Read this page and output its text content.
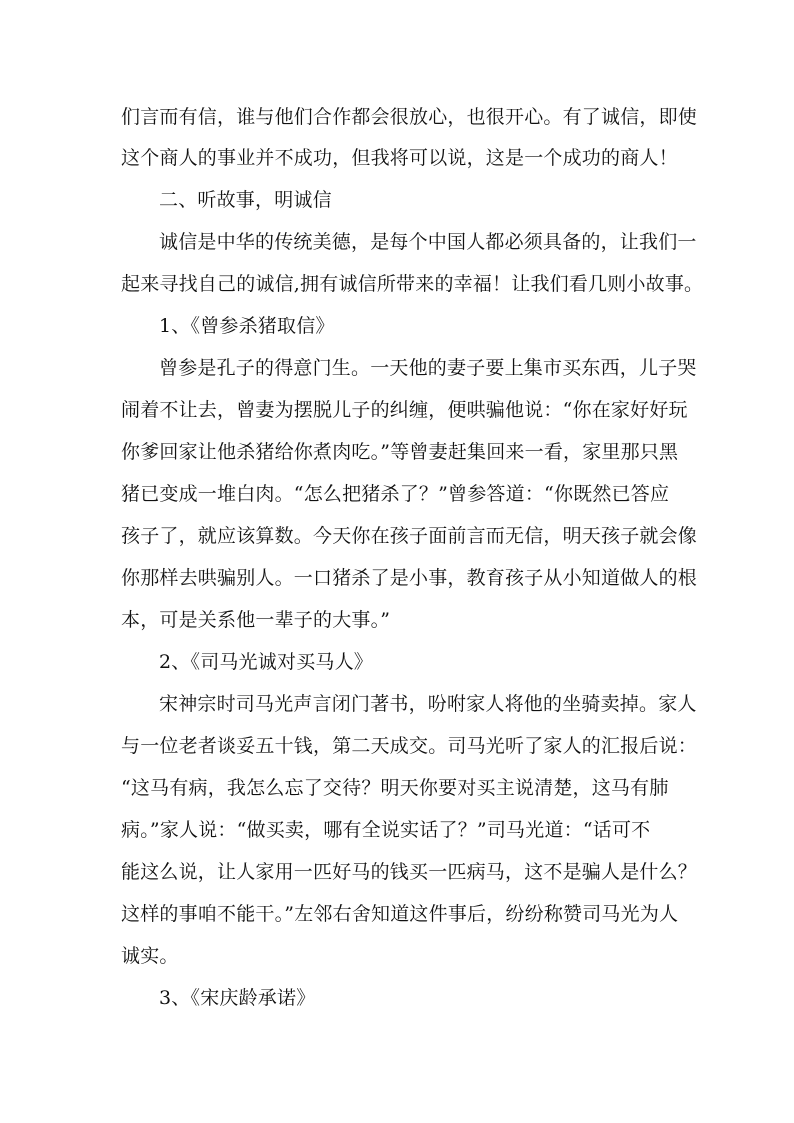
们言而有信，谁与他们合作都会很放心，也很开心。有了诚信，即使
这个商人的事业并不成功，但我将可以说，这是一个成功的商人！
二、听故事，明诚信
诚信是中华的传统美德，是每个中国人都必须具备的，让我们一
起来寻找自己的诚信,拥有诚信所带来的幸福！让我们看几则小故事。
1、《曾参杀猪取信》
曾参是孔子的得意门生。一天他的妻子要上集市买东西，儿子哭
闹着不让去，曾妻为摆脱儿子的纠缠，便哄骗他说：“你在家好好玩
你爹回家让他杀猪给你煮肉吃。”等曾妻赶集回来一看，家里那只黑
猪已变成一堆白肉。“怎么把猪杀了？”曾参答道：“你既然已答应
孩子了，就应该算数。今天你在孩子面前言而无信，明天孩子就会像
你那样去哄骗别人。一口猪杀了是小事，教育孩子从小知道做人的根
本，可是关系他一辈子的大事。”
2、《司马光诚对买马人》
宋神宗时司马光声言闭门著书，吩咐家人将他的坐骑卖掉。家人
与一位老者谈妥五十钱，第二天成交。司马光听了家人的汇报后说：
“这马有病，我怎么忘了交待？明天你要对买主说清楚，这马有肺
病。”家人说：“做买卖，哪有全说实话了？”司马光道：“话可不
能这么说，让人家用一匹好马的钱买一匹病马，这不是骗人是什么？
这样的事咱不能干。”左邻右舍知道这件事后，纷纷称赞司马光为人
诚实。
3、《宋庆龄承诺》
